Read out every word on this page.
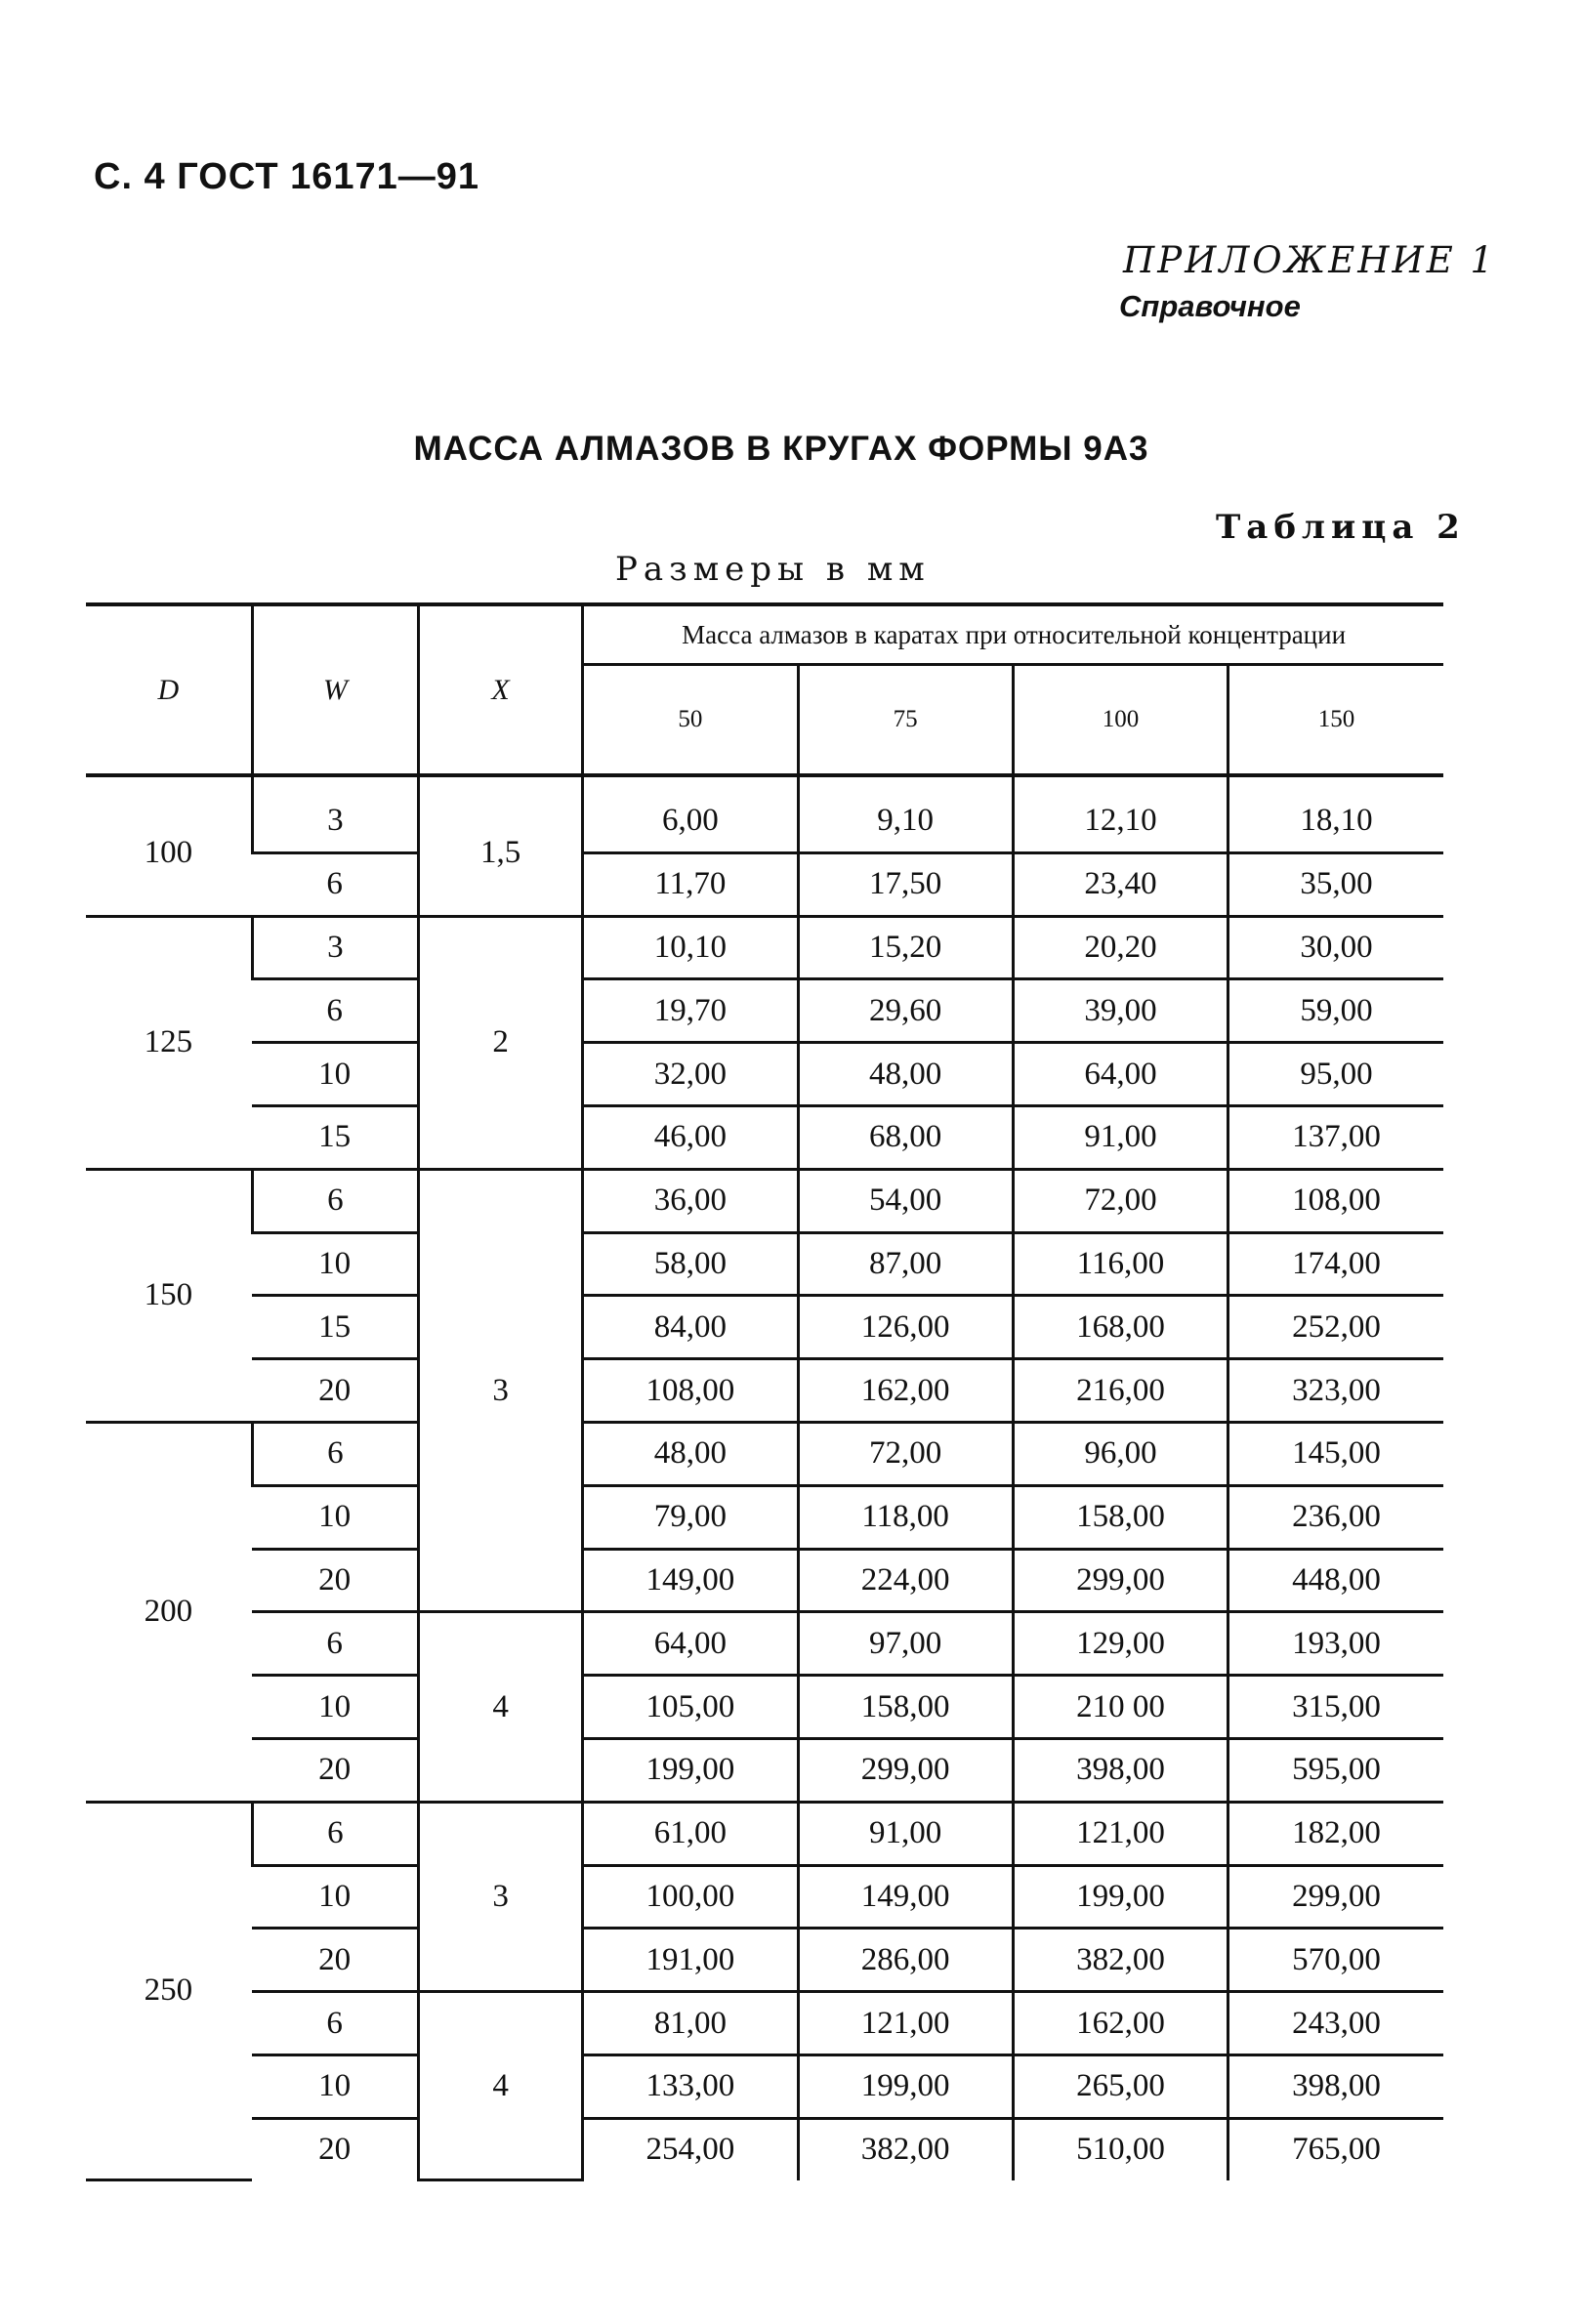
С. 4 ГОСТ 16171—91
ПРИЛОЖЕНИЕ 1
Справочное
МАССА АЛМАЗОВ В КРУГАХ ФОРМЫ 9А3
Таблица 2
Размеры в мм
D	W	X	Масса алмазов в каратах при относительной концентрации			
			50	75	100	150

100	3	1,5	6,00	9,10	12,10	18,10
	6		11,70	17,50	23,40	35,00
125	3	2	10,10	15,20	20,20	30,00
	6		19,70	29,60	39,00	59,00
	10		32,00	48,00	64,00	95,00
	15		46,00	68,00	91,00	137,00
150	6	3	36,00	54,00	72,00	108,00
	10		58,00	87,00	116,00	174,00
	15		84,00	126,00	168,00	252,00
	20		108,00	162,00	216,00	323,00
200	6		48,00	72,00	96,00	145,00
	10		79,00	118,00	158,00	236,00
	20		149,00	224,00	299,00	448,00
	6	4	64,00	97,00	129,00	193,00
	10		105,00	158,00	210 00	315,00
	20		199,00	299,00	398,00	595,00
250	6	3	61,00	91,00	121,00	182,00
	10		100,00	149,00	199,00	299,00
	20		191,00	286,00	382,00	570,00
	6	4	81,00	121,00	162,00	243,00
	10		133,00	199,00	265,00	398,00
	20		254,00	382,00	510,00	765,00
